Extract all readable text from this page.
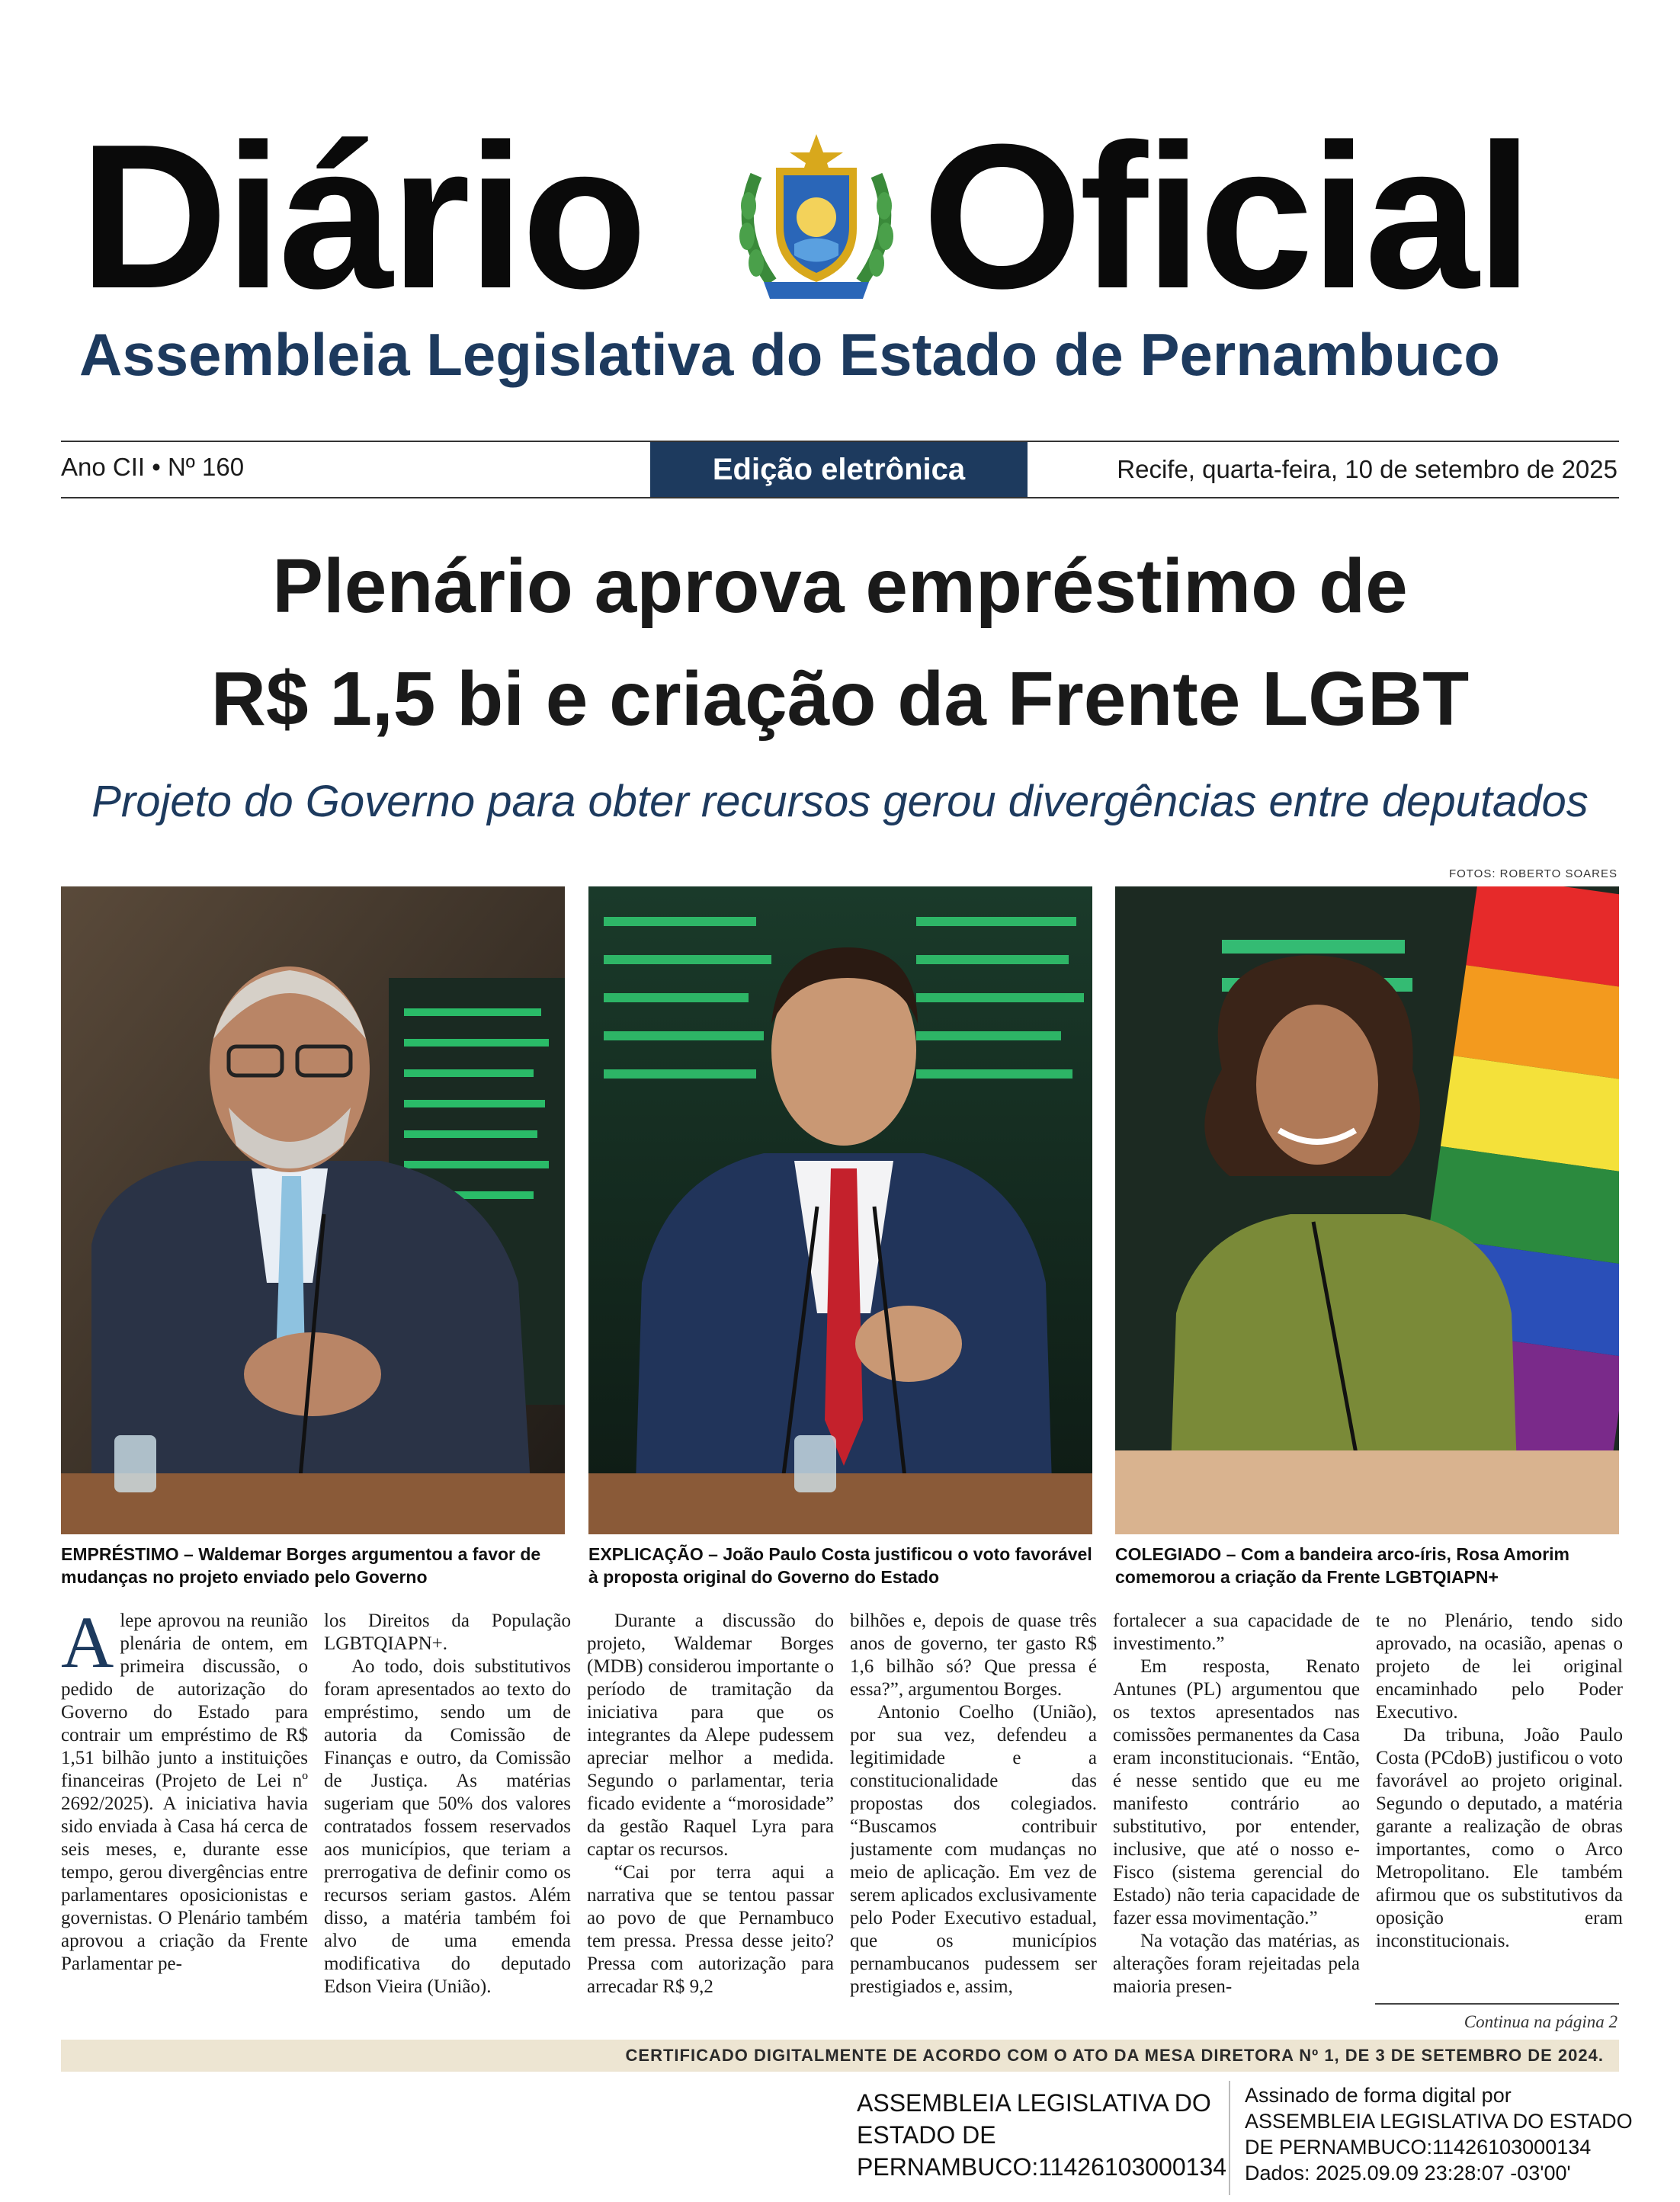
Diário Oficial
Assembleia Legislativa do Estado de Pernambuco
Ano CII • Nº 160	Edição eletrônica	Recife, quarta-feira, 10 de setembro de 2025
Plenário aprova empréstimo de
R$ 1,5 bi e criação da Frente LGBT
Projeto do Governo para obter recursos gerou divergências entre deputados
FOTOS: ROBERTO SOARES
EMPRÉSTIMO – Waldemar Borges argumentou a favor de mudanças no projeto enviado pelo Governo
EXPLICAÇÃO – João Paulo Costa justificou o voto favorável à proposta original do Governo do Estado
COLEGIADO – Com a bandeira arco-íris, Rosa Amorim comemorou a criação da Frente LGBTQIAPN+

Alepe aprovou na reunião plenária de ontem, em primeira discussão, o pedido de autorização do Governo do Estado para contrair um empréstimo de R$ 1,51 bilhão junto a instituições financeiras (Projeto de Lei nº 2692/2025). A iniciativa havia sido enviada à Casa há cerca de seis meses, e, durante esse tempo, gerou divergências entre parlamentares oposicionistas e governistas. O Plenário também aprovou a criação da Frente Parlamentar pe-

los Direitos da População LGBTQIAPN+.

Ao todo, dois substitutivos foram apresentados ao texto do empréstimo, sendo um de autoria da Comissão de Finanças e outro, da Comissão de Justiça. As matérias sugeriam que 50% dos valores contratados fossem reservados aos municípios, que teriam a prerrogativa de definir como os recursos seriam gastos. Além disso, a matéria também foi alvo de uma emenda modificativa do deputado Edson Vieira (União).

Durante a discussão do projeto, Waldemar Borges (MDB) considerou importante o período de tramitação da iniciativa para que os integrantes da Alepe pudessem apreciar melhor a medida. Segundo o parlamentar, teria ficado evidente a “morosidade” da gestão Raquel Lyra para captar os recursos.

“Cai por terra aqui a narrativa que se tentou passar ao povo de que Pernambuco tem pressa. Pressa desse jeito? Pressa com autorização para arrecadar R$ 9,2

bilhões e, depois de quase três anos de governo, ter gasto R$ 1,6 bilhão só? Que pressa é essa?”, argumentou Borges.

Antonio Coelho (União), por sua vez, defendeu a legitimidade e a constitucionalidade das propostas dos colegiados. “Buscamos contribuir justamente com mudanças no meio de aplicação. Em vez de serem aplicados exclusivamente pelo Poder Executivo estadual, que os municípios pernambucanos pudessem ser prestigiados e, assim,

fortalecer a sua capacidade de investimento.”

Em resposta, Renato Antunes (PL) argumentou que os textos apresentados nas comissões permanentes da Casa eram inconstitucionais. “Então, é nesse sentido que eu me manifesto contrário ao substitutivo, por entender, inclusive, que até o nosso e-Fisco (sistema gerencial do Estado) não teria capacidade de fazer essa movimentação.”

Na votação das matérias, as alterações foram rejeitadas pela maioria presen-

te no Plenário, tendo sido aprovado, na ocasião, apenas o projeto de lei original encaminhado pelo Poder Executivo.

Da tribuna, João Paulo Costa (PCdoB) justificou o voto favorável ao projeto original. Segundo o deputado, a matéria garante a realização de obras importantes, como o Arco Metropolitano. Ele também afirmou que os substitutivos da oposição eram inconstitucionais.

Continua na página 2
CERTIFICADO DIGITALMENTE DE ACORDO COM O ATO DA MESA DIRETORA Nº 1, DE 3 DE SETEMBRO DE 2024.
ASSEMBLEIA LEGISLATIVA DO
ESTADO DE
PERNAMBUCO:11426103000134
Assinado de forma digital por
ASSEMBLEIA LEGISLATIVA DO ESTADO
DE PERNAMBUCO:11426103000134
Dados: 2025.09.09 23:28:07 -03'00'
